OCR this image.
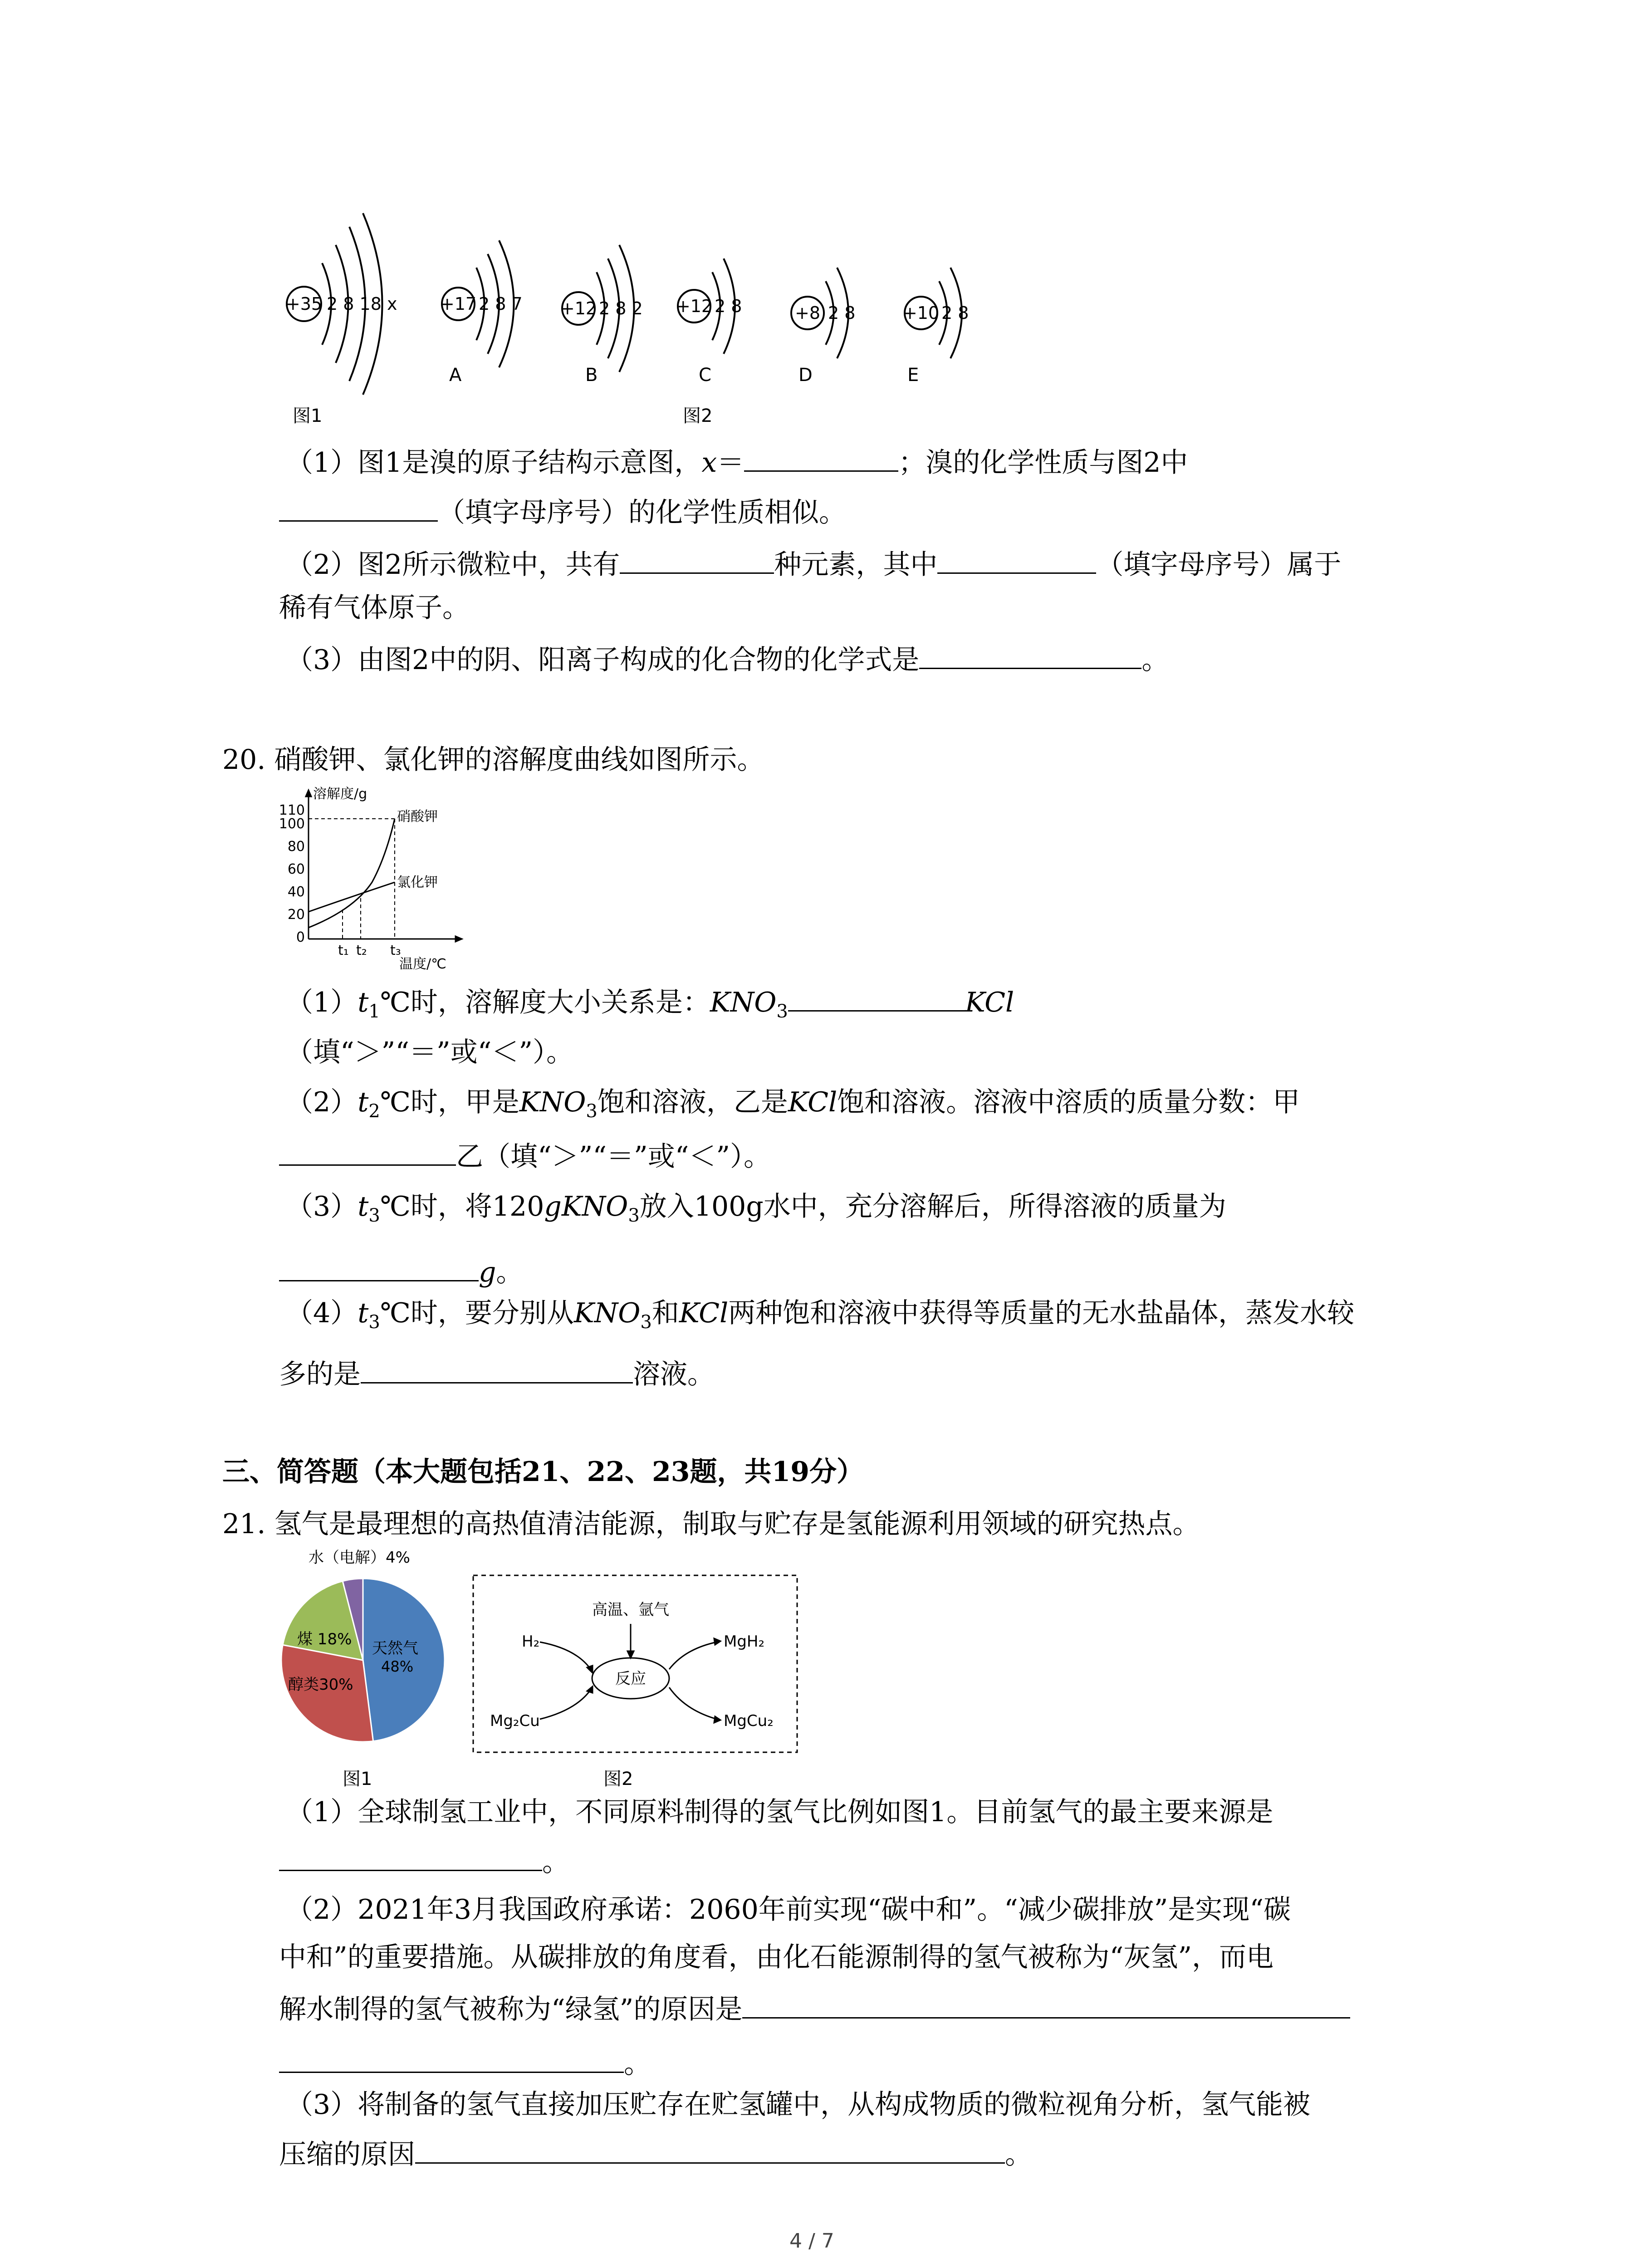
+35 2 8 18 x +17 2 8 7 +12 2 8 2 +12 2 8	+8 2 8	+10 2 8
A	B	C	D	E
图1	图2
（1）图1是溴的原子结构示意图，x＝	；溴的化学性质与图2中
（填字母序号）的化学性质相似。
（2）图2所示微粒中，共有	种元素，其中	（填字母序号）属于
稀有气体原子。
（3）由图2中的阴、阳离子构成的化合物的化学式是	。
20. 硝酸钾、氯化钾的溶解度曲线如图所示。
溶解度/g
温度/℃
硝酸钾
氯化钾
110
100
80
60
40
20
0
t₁ t₂ t₃
$(1)t_1℃$时，溶解度大小关系是：$KNO_3$	KCl
（填“＞”“＝”或“＜”）。
$(2)t_2℃$时，甲是$KNO_3$饱和溶液，乙是KCl饱和溶液。溶液中溶质的质量分数：甲
乙（填“＞”“＝”或“＜”）。
$(3)t_3℃$时，将120gKNO$_3$放入100g水中，充分溶解后，所得溶液的质量为
g。
$(4)t_3℃$时，要分别从$KNO_3$和KCl两种饱和溶液中获得等质量的无水盐晶体，蒸发水较
多的是	溶液。
三、简答题（本大题包括21、22、23题，共19分）
21. 氢气是最理想的高热值清洁能源，制取与贮存是氢能源利用领域的研究热点。
水（电解）4%
天然气
48%
煤 18%
醇类30%
图1
高温、氩气
H₂
Mg₂Cu
反应
MgH₂
MgCu₂
图2
（1）全球制氢工业中，不同原料制得的氢气比例如图1。目前氢气的最主要来源是
。
（2）2021年3月我国政府承诺：2060年前实现“碳中和”。“减少碳排放”是实现“碳
中和”的重要措施。从碳排放的角度看，由化石能源制得的氢气被称为“灰氢”，而电
解水制得的氢气被称为“绿氢”的原因是
。
（3）将制备的氢气直接加压贮存在贮氢罐中，从构成物质的微粒视角分析，氢气能被
压缩的原因	。
4 / 7
